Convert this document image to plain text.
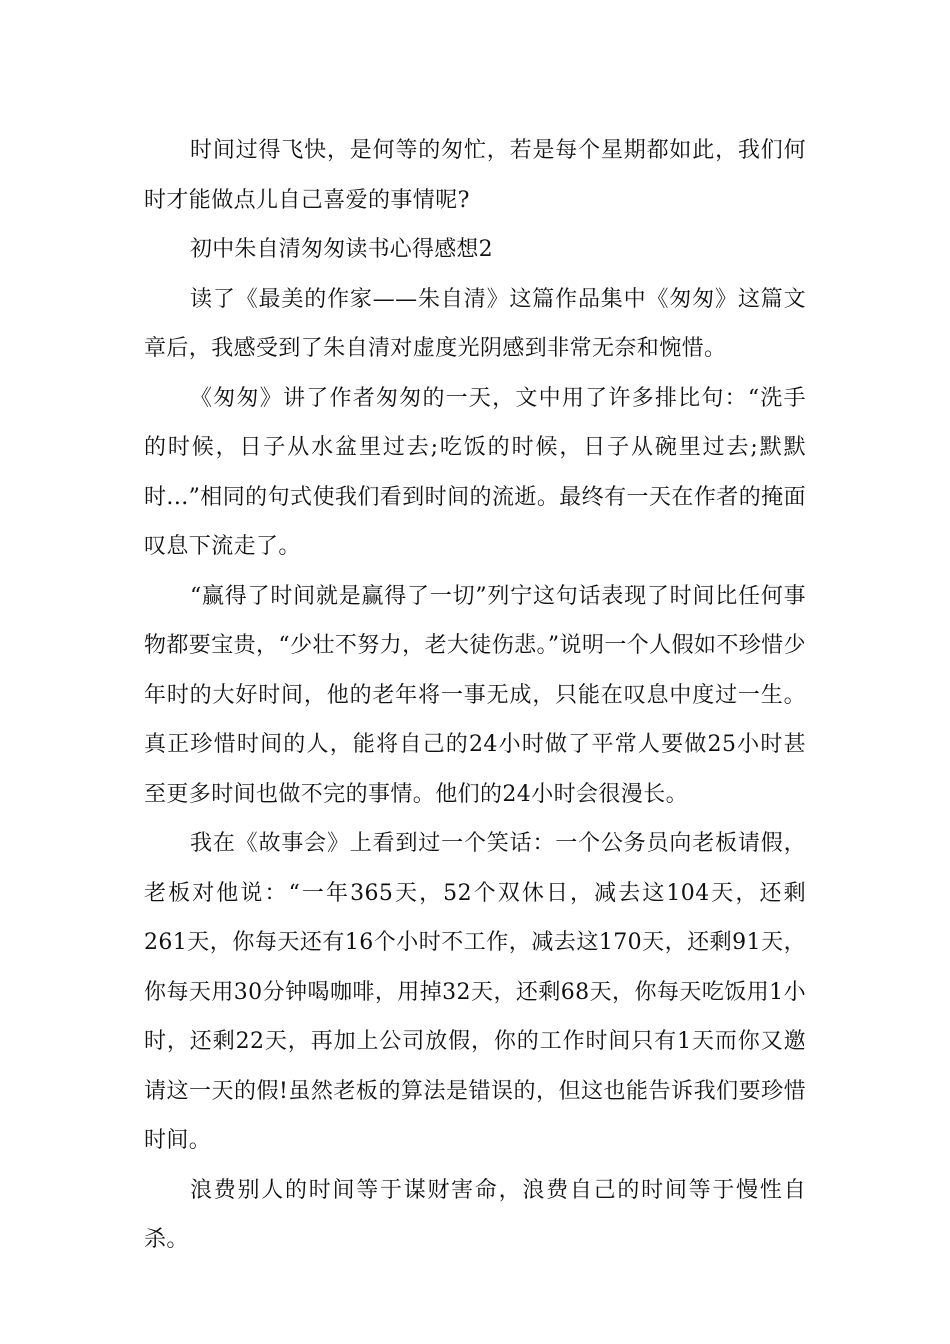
时间过得飞快，是何等的匆忙，若是每个星期都如此，我们何时才能做点儿自己喜爱的事情呢?

初中朱自清匆匆读书心得感想2

读了《最美的作家——朱自清》这篇作品集中《匆匆》这篇文章后，我感受到了朱自清对虚度光阴感到非常无奈和惋惜。

《匆匆》讲了作者匆匆的一天，文中用了许多排比句：“洗手的时候，日子从水盆里过去;吃饭的时候，日子从碗里过去;默默时...”相同的句式使我们看到时间的流逝。最终有一天在作者的掩面叹息下流走了。

“赢得了时间就是赢得了一切”列宁这句话表现了时间比任何事物都要宝贵，“少壮不努力，老大徒伤悲。”说明一个人假如不珍惜少年时的大好时间，他的老年将一事无成，只能在叹息中度过一生。真正珍惜时间的人，能将自己的24小时做了平常人要做25小时甚至更多时间也做不完的事情。他们的24小时会很漫长。

我在《故事会》上看到过一个笑话：一个公务员向老板请假，老板对他说：“一年365天，52个双休日，减去这104天，还剩261天，你每天还有16个小时不工作，减去这170天，还剩91天，你每天用30分钟喝咖啡，用掉32天，还剩68天，你每天吃饭用1小时，还剩22天，再加上公司放假，你的工作时间只有1天而你又邀请这一天的假!虽然老板的算法是错误的，但这也能告诉我们要珍惜时间。

浪费别人的时间等于谋财害命，浪费自己的时间等于慢性自杀。
